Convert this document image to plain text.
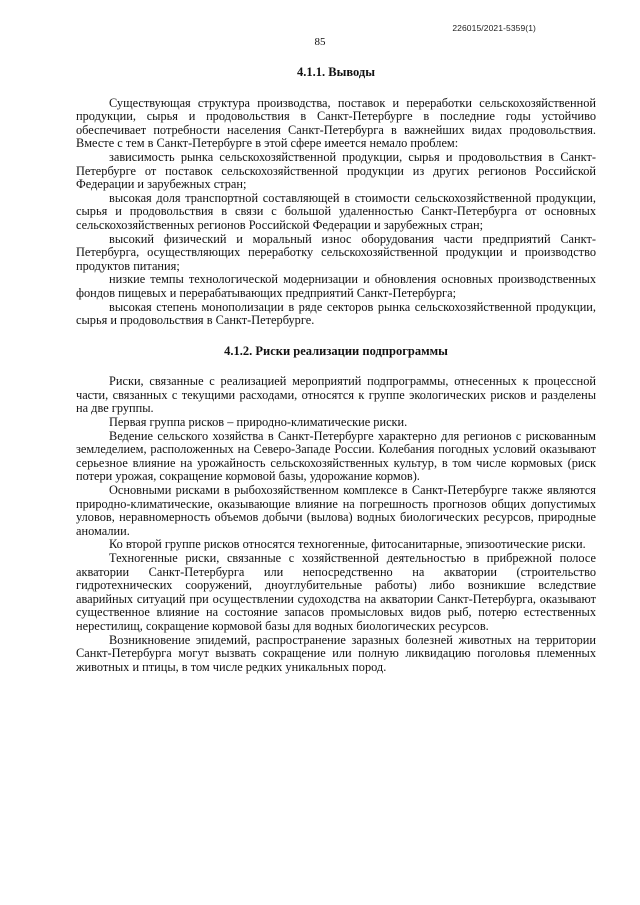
226015/2021-5359(1)
85
4.1.1. Выводы

Существующая структура производства, поставок и переработки сельскохозяйственной продукции, сырья и продовольствия в Санкт-Петербурге в последние годы устойчиво обеспечивает потребности населения Санкт-Петербурга в важнейших видах продовольствия. Вместе с тем в Санкт-Петербурге в этой сфере имеется немало проблем:

зависимость рынка сельскохозяйственной продукции, сырья и продовольствия в Санкт-Петербурге от поставок сельскохозяйственной продукции из других регионов Российской Федерации и зарубежных стран;

высокая доля транспортной составляющей в стоимости сельскохозяйственной продукции, сырья и продовольствия в связи с большой удаленностью Санкт-Петербурга от основных сельскохозяйственных регионов Российской Федерации и зарубежных стран;

высокий физический и моральный износ оборудования части предприятий Санкт-Петербурга, осуществляющих переработку сельскохозяйственной продукции и производство продуктов питания;

низкие темпы технологической модернизации и обновления основных производственных фондов пищевых и перерабатывающих предприятий Санкт-Петербурга;

высокая степень монополизации в ряде секторов рынка сельскохозяйственной продукции, сырья и продовольствия в Санкт-Петербурге.

4.1.2. Риски реализации подпрограммы

Риски, связанные с реализацией мероприятий подпрограммы, отнесенных к процессной части, связанных с текущими расходами, относятся к группе экологических рисков и разделены на две группы.

Первая группа рисков – природно-климатические риски.

Ведение сельского хозяйства в Санкт-Петербурге характерно для регионов с рискованным земледелием, расположенных на Северо-Западе России. Колебания погодных условий оказывают серьезное влияние на урожайность сельскохозяйственных культур, в том числе кормовых (риск потери урожая, сокращение кормовой базы, удорожание кормов).

Основными рисками в рыбохозяйственном комплексе в Санкт-Петербурге также являются природно-климатические, оказывающие влияние на погрешность прогнозов общих допустимых уловов, неравномерность объемов добычи (вылова) водных биологических ресурсов, природные аномалии.

Ко второй группе рисков относятся техногенные, фитосанитарные, эпизоотические риски.

Техногенные риски, связанные с хозяйственной деятельностью в прибрежной полосе акватории Санкт-Петербурга или непосредственно на акватории (строительство гидротехнических сооружений, дноуглубительные работы) либо возникшие вследствие аварийных ситуаций при осуществлении судоходства на акватории Санкт-Петербурга, оказывают существенное влияние на состояние запасов промысловых видов рыб, потерю естественных нерестилищ, сокращение кормовой базы для водных биологических ресурсов.

Возникновение эпидемий, распространение заразных болезней животных на территории Санкт-Петербурга могут вызвать сокращение или полную ликвидацию поголовья племенных животных и птицы, в том числе редких уникальных пород.
